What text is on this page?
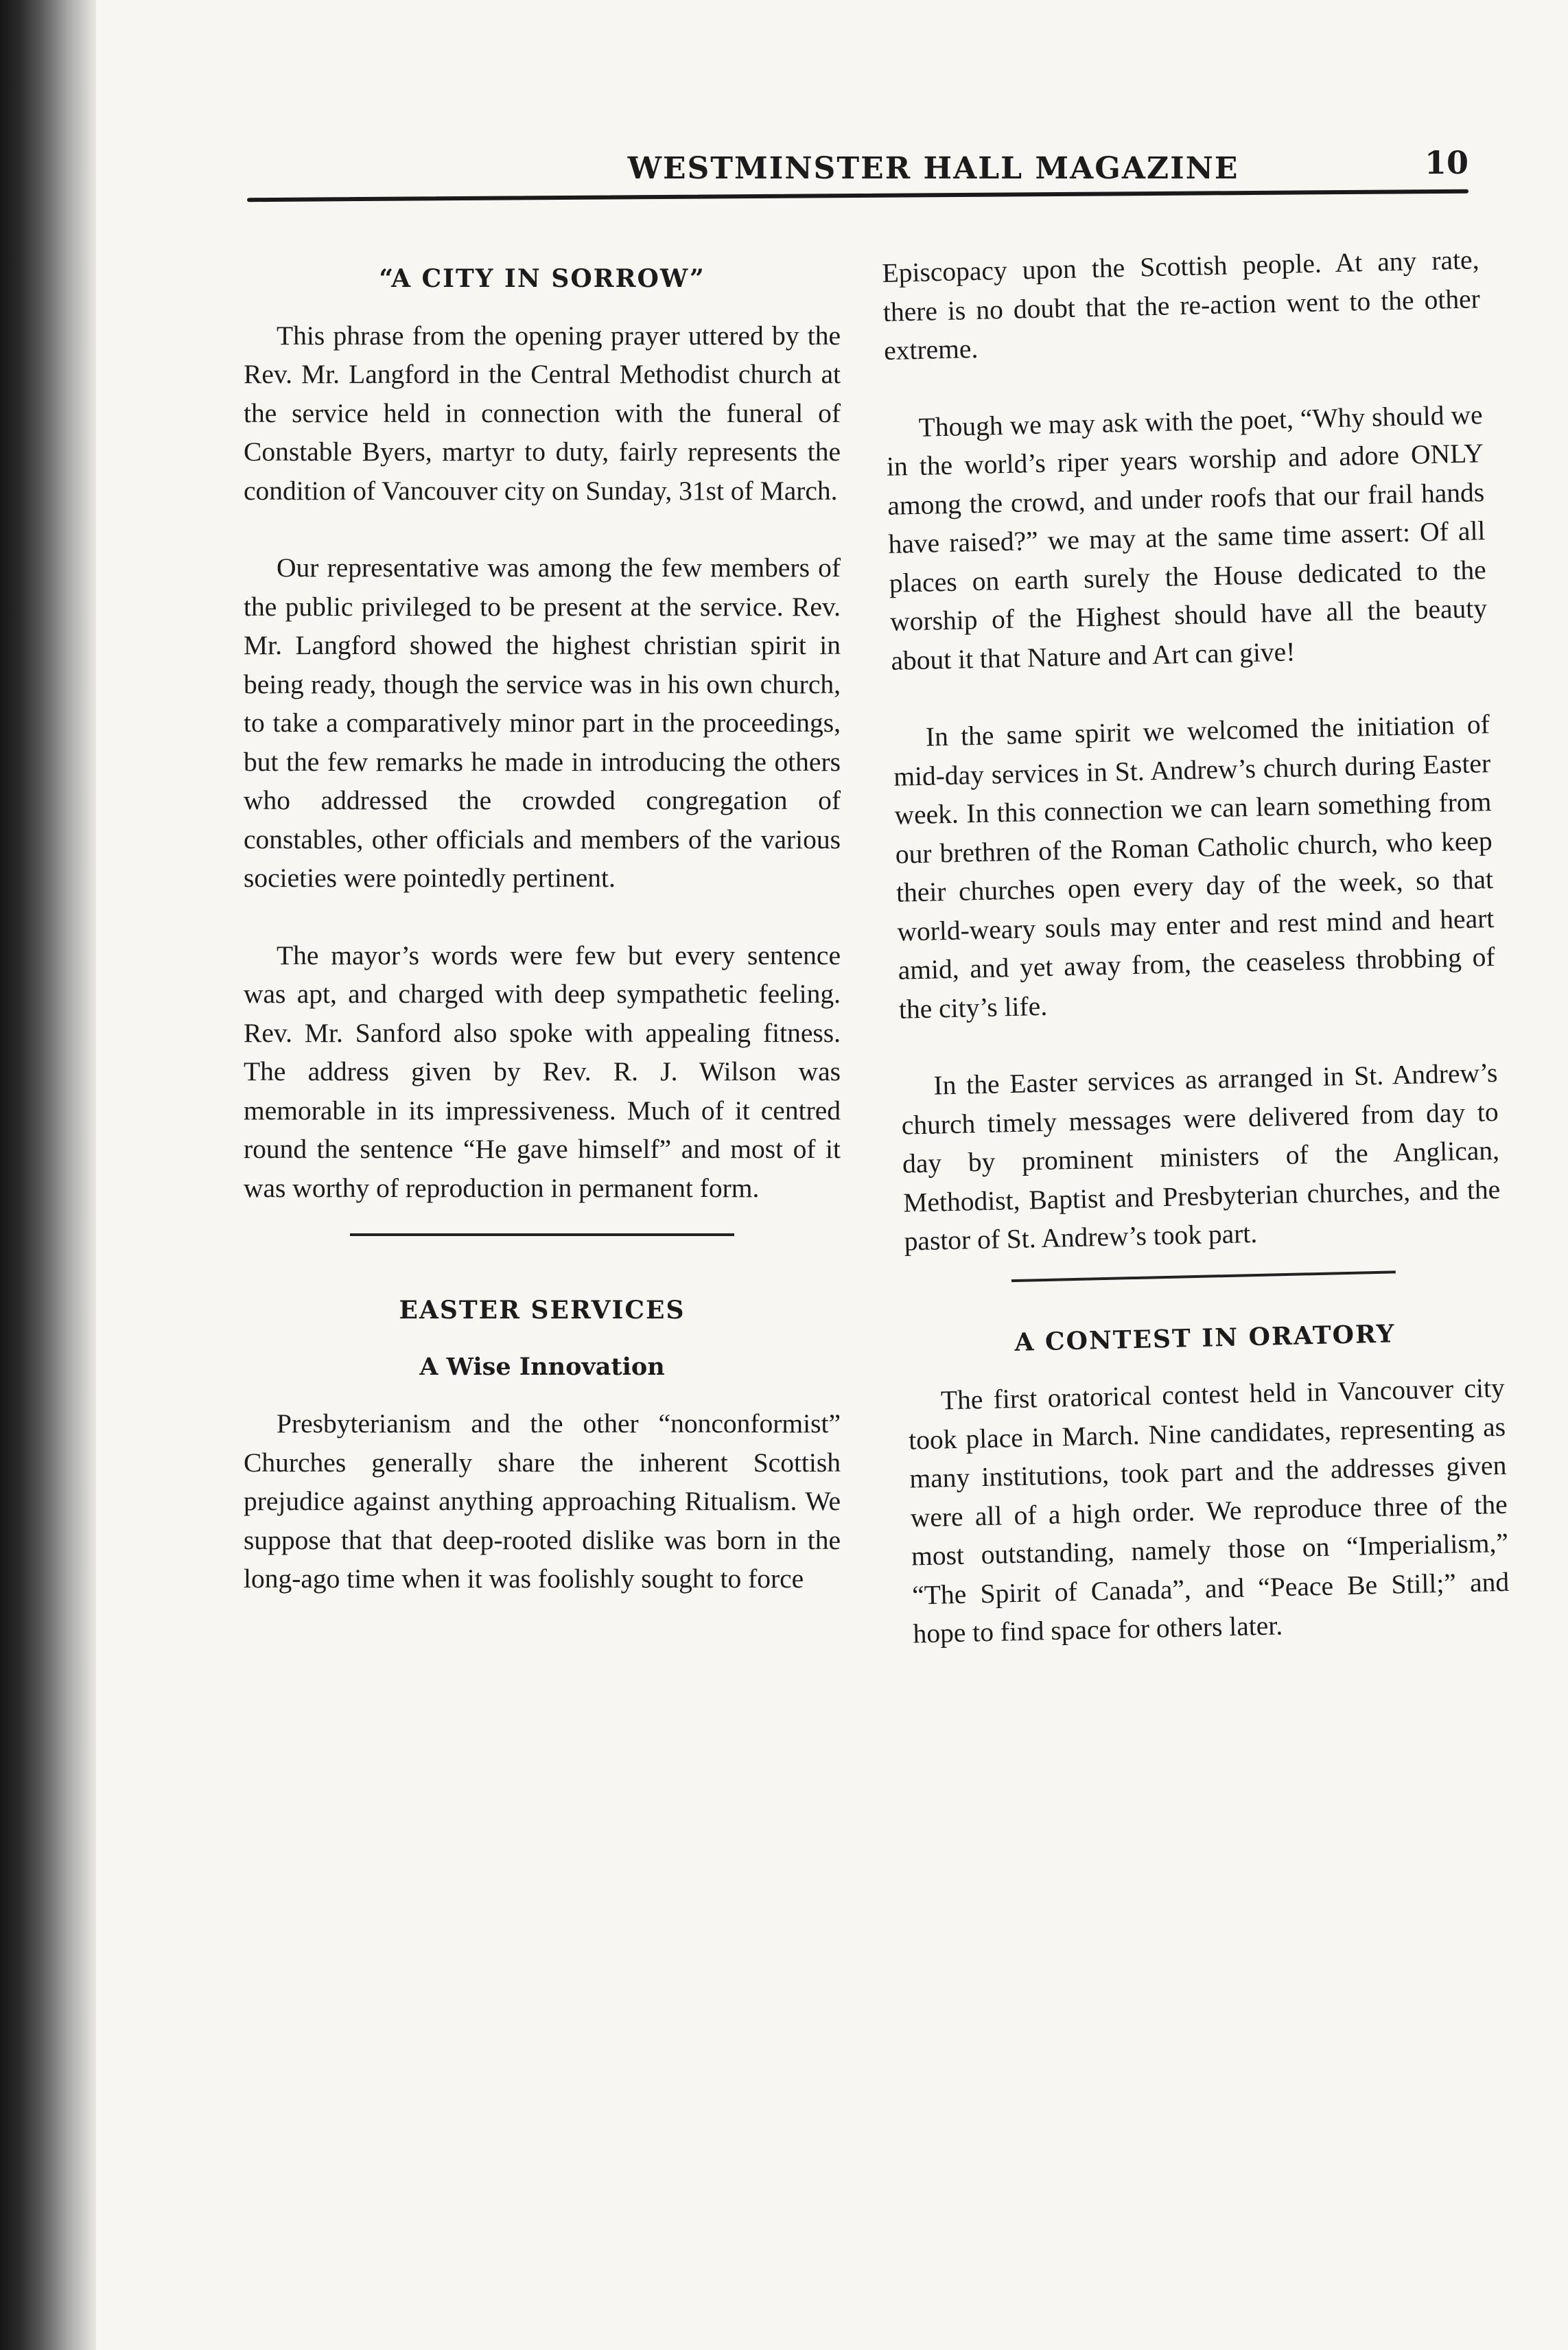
WESTMINSTER HALL MAGAZINE	10
“A CITY IN SORROW”

This phrase from the opening prayer uttered by the Rev. Mr. Langford in the Central Methodist church at the service held in connection with the funeral of Constable Byers, martyr to duty, fairly represents the condition of Vancouver city on Sunday, 31st of March.

Our representative was among the few members of the public privileged to be present at the service. Rev. Mr. Langford showed the highest christian spirit in being ready, though the service was in his own church, to take a comparatively minor part in the proceedings, but the few remarks he made in introducing the others who addressed the crowded congregation of constables, other officials and members of the various societies were pointedly pertinent.

The mayor’s words were few but every sentence was apt, and charged with deep sympathetic feeling. Rev. Mr. Sanford also spoke with appealing fitness. The address given by Rev. R. J. Wilson was memorable in its impressiveness. Much of it centred round the sentence “He gave himself” and most of it was worthy of reproduction in permanent form.

EASTER SERVICES
A Wise Innovation

Presbyterianism and the other “nonconformist” Churches generally share the inherent Scottish prejudice against anything approaching Ritualism. We suppose that that deep-rooted dislike was born in the long-ago time when it was foolishly sought to force

Episcopacy upon the Scottish people. At any rate, there is no doubt that the re-action went to the other extreme.

Though we may ask with the poet, “Why should we in the world’s riper years worship and adore ONLY among the crowd, and under roofs that our frail hands have raised?” we may at the same time assert: Of all places on earth surely the House dedicated to the worship of the Highest should have all the beauty about it that Nature and Art can give!

In the same spirit we welcomed the initiation of mid-day services in St. Andrew’s church during Easter week. In this connection we can learn something from our brethren of the Roman Catholic church, who keep their churches open every day of the week, so that world-weary souls may enter and rest mind and heart amid, and yet away from, the ceaseless throbbing of the city’s life.

In the Easter services as arranged in St. Andrew’s church timely messages were delivered from day to day by prominent ministers of the Anglican, Methodist, Baptist and Presbyterian churches, and the pastor of St. Andrew’s took part.

A CONTEST IN ORATORY

The first oratorical contest held in Vancouver city took place in March. Nine candidates, representing as many institutions, took part and the addresses given were all of a high order. We reproduce three of the most outstanding, namely those on “Imperialism,” “The Spirit of Canada”, and “Peace Be Still;” and hope to find space for others later.
